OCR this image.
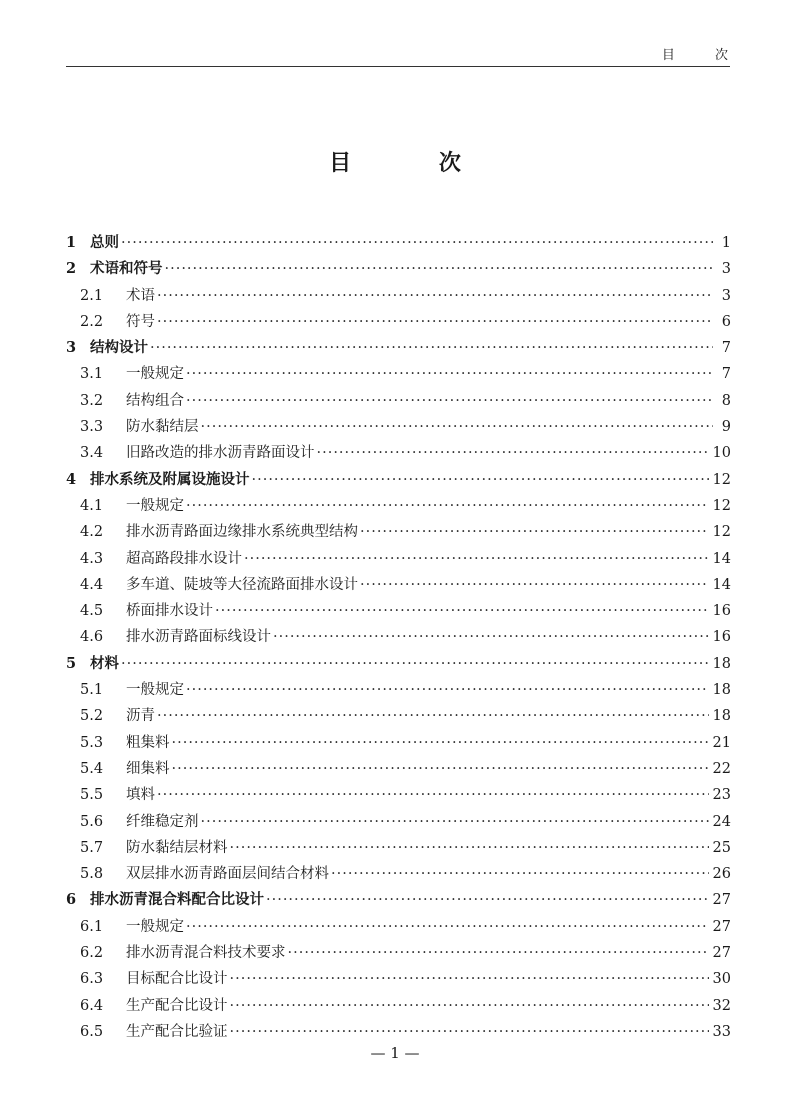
目 次
目 次
1 总则 ·····	1
2 术语和符号 ·····	3
2.1	术语 ·····	3
2.2	符号 ·····	6
3 结构设计 ·····	7
3.1	一般规定 ·····	7
3.2	结构组合 ·····	8
3.3	防水黏结层 ·····	9
3.4	旧路改造的排水沥青路面设计 ·····	10
4 排水系统及附属设施设计 ·····	12
4.1	一般规定 ·····	12
4.2	排水沥青路面边缘排水系统典型结构 ·····	12
4.3	超高路段排水设计 ·····	14
4.4	多车道、陡坡等大径流路面排水设计 ·····	14
4.5	桥面排水设计 ·····	16
4.6	排水沥青路面标线设计 ·····	16
5 材料 ·····	18
5.1	一般规定 ·····	18
5.2	沥青 ·····	18
5.3	粗集料 ·····	21
5.4	细集料 ·····	22
5.5	填料 ·····	23
5.6	纤维稳定剂 ·····	24
5.7	防水黏结层材料 ·····	25
5.8	双层排水沥青路面层间结合材料 ·····	26
6 排水沥青混合料配合比设计 ·····	27
6.1	一般规定 ·····	27
6.2	排水沥青混合料技术要求 ·····	27
6.3	目标配合比设计 ·····	30
6.4	生产配合比设计 ·····	32
6.5	生产配合比验证 ·····	33
— 1 —
